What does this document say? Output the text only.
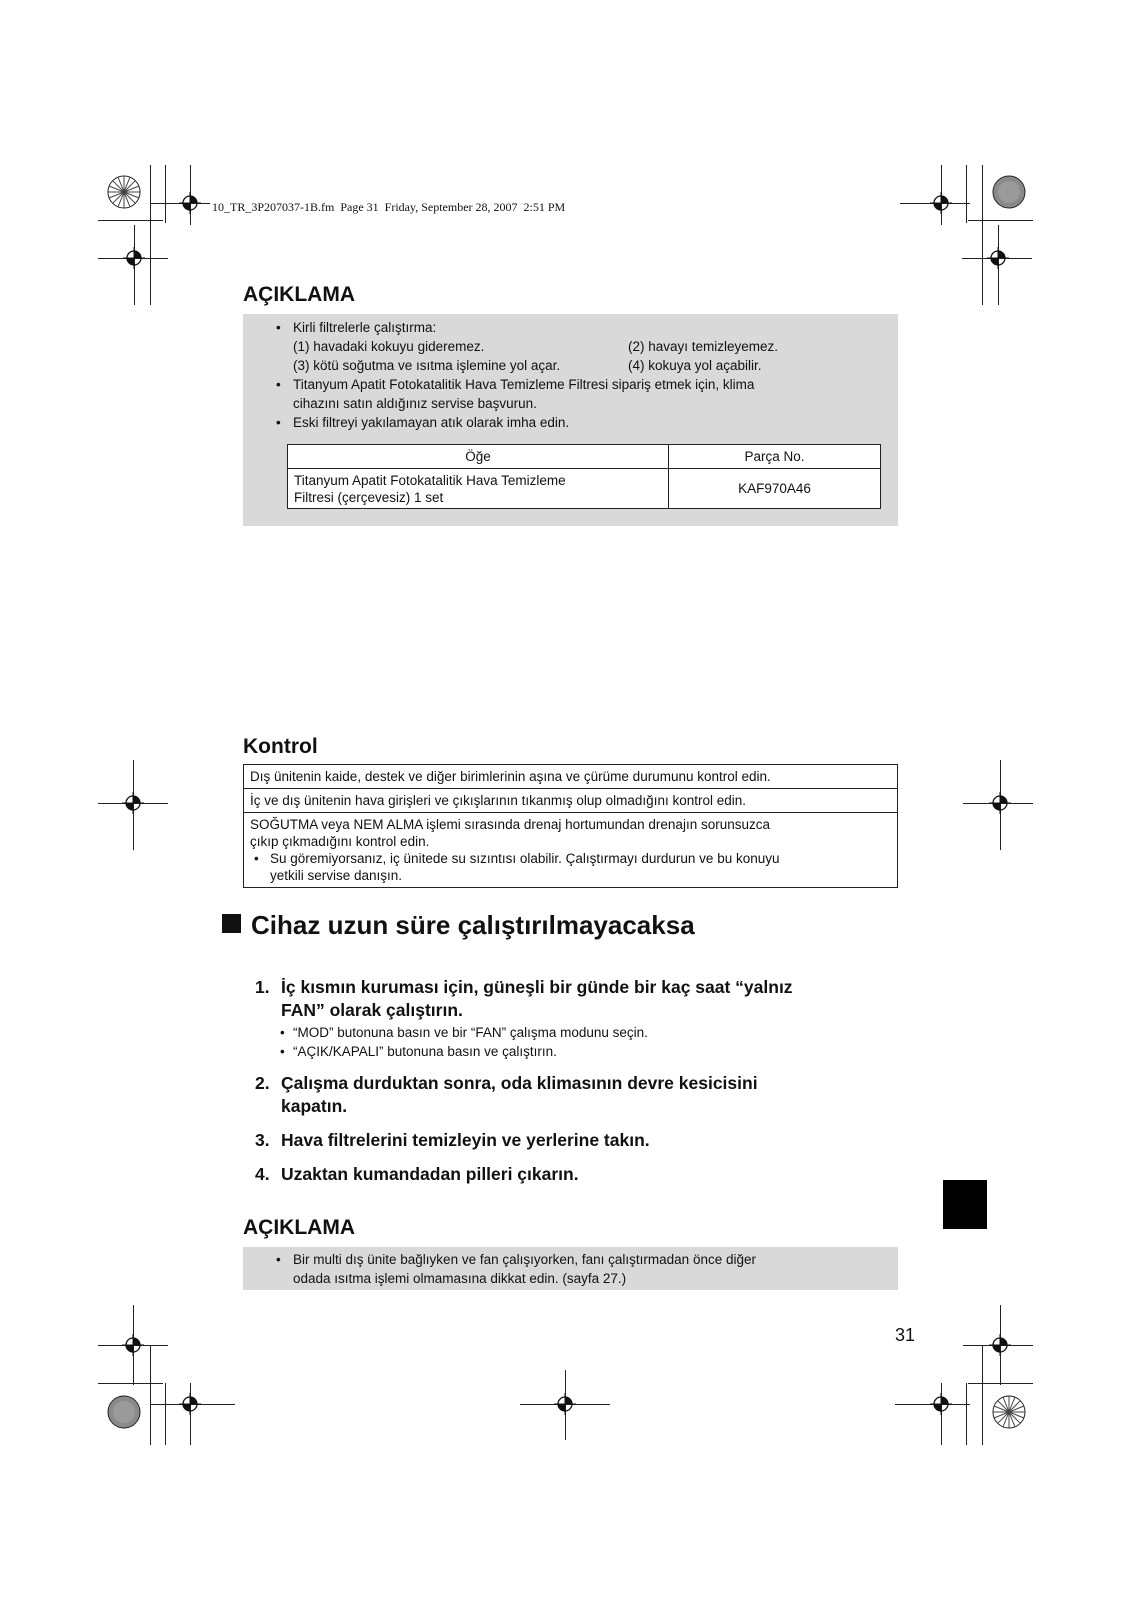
10_TR_3P207037-1B.fm  Page 31  Friday, September 28, 2007  2:51 PM
AÇIKLAMA
• Kirli filtrelerle çalıştırma:
(1) havadaki kokuyu gideremez.	(2) havayı temizleyemez.
(3) kötü soğutma ve ısıtma işlemine yol açar.	(4) kokuya yol açabilir.
• Titanyum Apatit Fotokatalitik Hava Temizleme Filtresi sipariş etmek için, klima
cihazını satın aldığınız servise başvurun.
• Eski filtreyi yakılamayan atık olarak imha edin.
Öğe	Parça No.

Titanyum Apatit Fotokatalitik Hava Temizleme
Filtresi (çerçevesiz) 1 set	KAF970A46
Kontrol
Dış ünitenin kaide, destek ve diğer birimlerinin aşına ve çürüme durumunu kontrol edin.
İç ve dış ünitenin hava girişleri ve çıkışlarının tıkanmış olup olmadığını kontrol edin.

SOĞUTMA veya NEM ALMA işlemi sırasında drenaj hortumundan drenajın sorunsuzca
çıkıp çıkmadığını kontrol edin.
• Su göremiyorsanız, iç ünitede su sızıntısı olabilir. Çalıştırmayı durdurun ve bu konuyu
yetkili servise danışın.
Cihaz uzun süre çalıştırılmayacaksa
1. İç kısmın kuruması için, güneşli bir günde bir kaç saat “yalnız
FAN” olarak çalıştırın.
• “MOD” butonuna basın ve bir “FAN” çalışma modunu seçin.
• “AÇIK/KAPALI” butonuna basın ve çalıştırın.
2. Çalışma durduktan sonra, oda klimasının devre kesicisini
kapatın.
3. Hava filtrelerini temizleyin ve yerlerine takın.
4. Uzaktan kumandadan pilleri çıkarın.
AÇIKLAMA
• Bir multi dış ünite bağlıyken ve fan çalışıyorken, fanı çalıştırmadan önce diğer
odada ısıtma işlemi olmamasına dikkat edin. (sayfa 27.)
31
